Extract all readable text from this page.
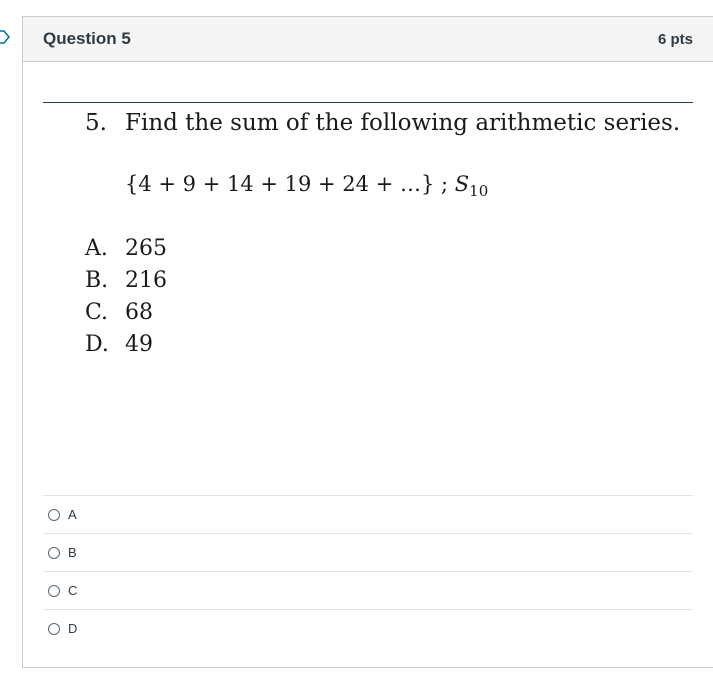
Question 5	6 pts
5. Find the sum of the following arithmetic series.
{4 + 9 + 14 + 19 + 24 + …} ; $S_{10}$
A. 265
B. 216
C. 68
D. 49
A
B
C
D
